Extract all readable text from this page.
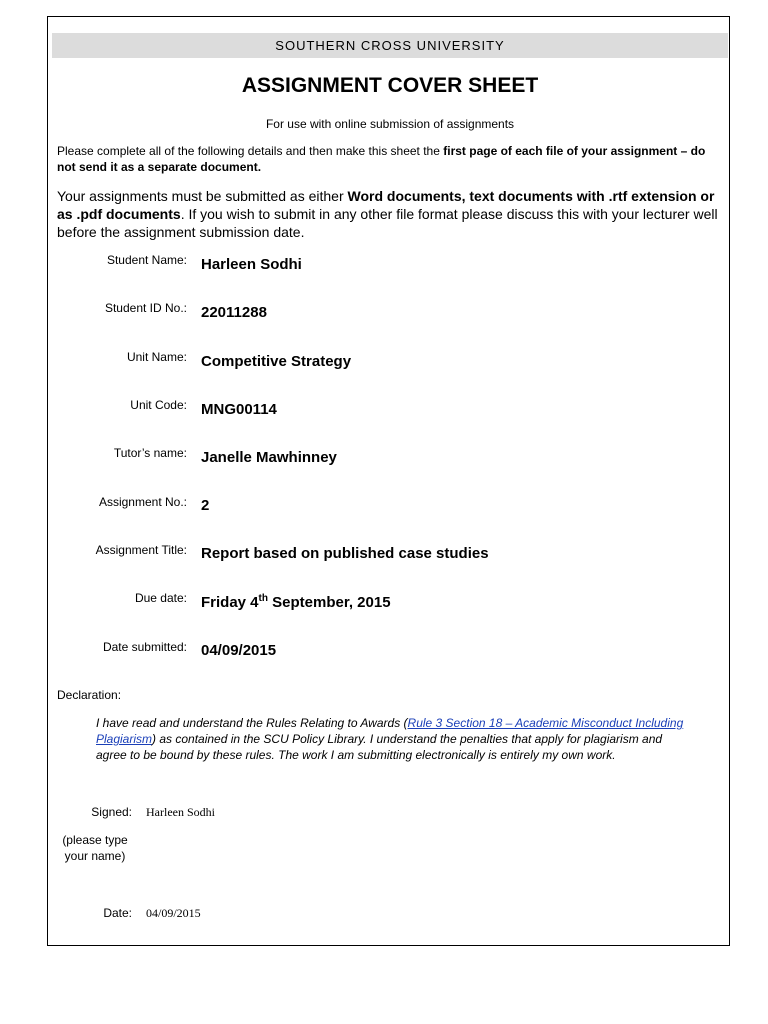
SOUTHERN CROSS UNIVERSITY
ASSIGNMENT COVER SHEET
For use with online submission of assignments
Please complete all of the following details and then make this sheet the first page of each file of your assignment – do not send it as a separate document.
Your assignments must be submitted as either Word documents, text documents with .rtf extension or as .pdf documents. If you wish to submit in any other file format please discuss this with your lecturer well before the assignment submission date.
Student Name: Harleen Sodhi
Student ID No.: 22011288
Unit Name: Competitive Strategy
Unit Code: MNG00114
Tutor’s name: Janelle Mawhinney
Assignment No.: 2
Assignment Title: Report based on published case studies
Due date: Friday 4th September, 2015
Date submitted: 04/09/2015
Declaration:
I have read and understand the Rules Relating to Awards (Rule 3 Section 18 – Academic Misconduct Including Plagiarism) as contained in the SCU Policy Library. I understand the penalties that apply for plagiarism and agree to be bound by these rules. The work I am submitting electronically is entirely my own work.
Signed: Harleen Sodhi
(please type your name)
Date: 04/09/2015
